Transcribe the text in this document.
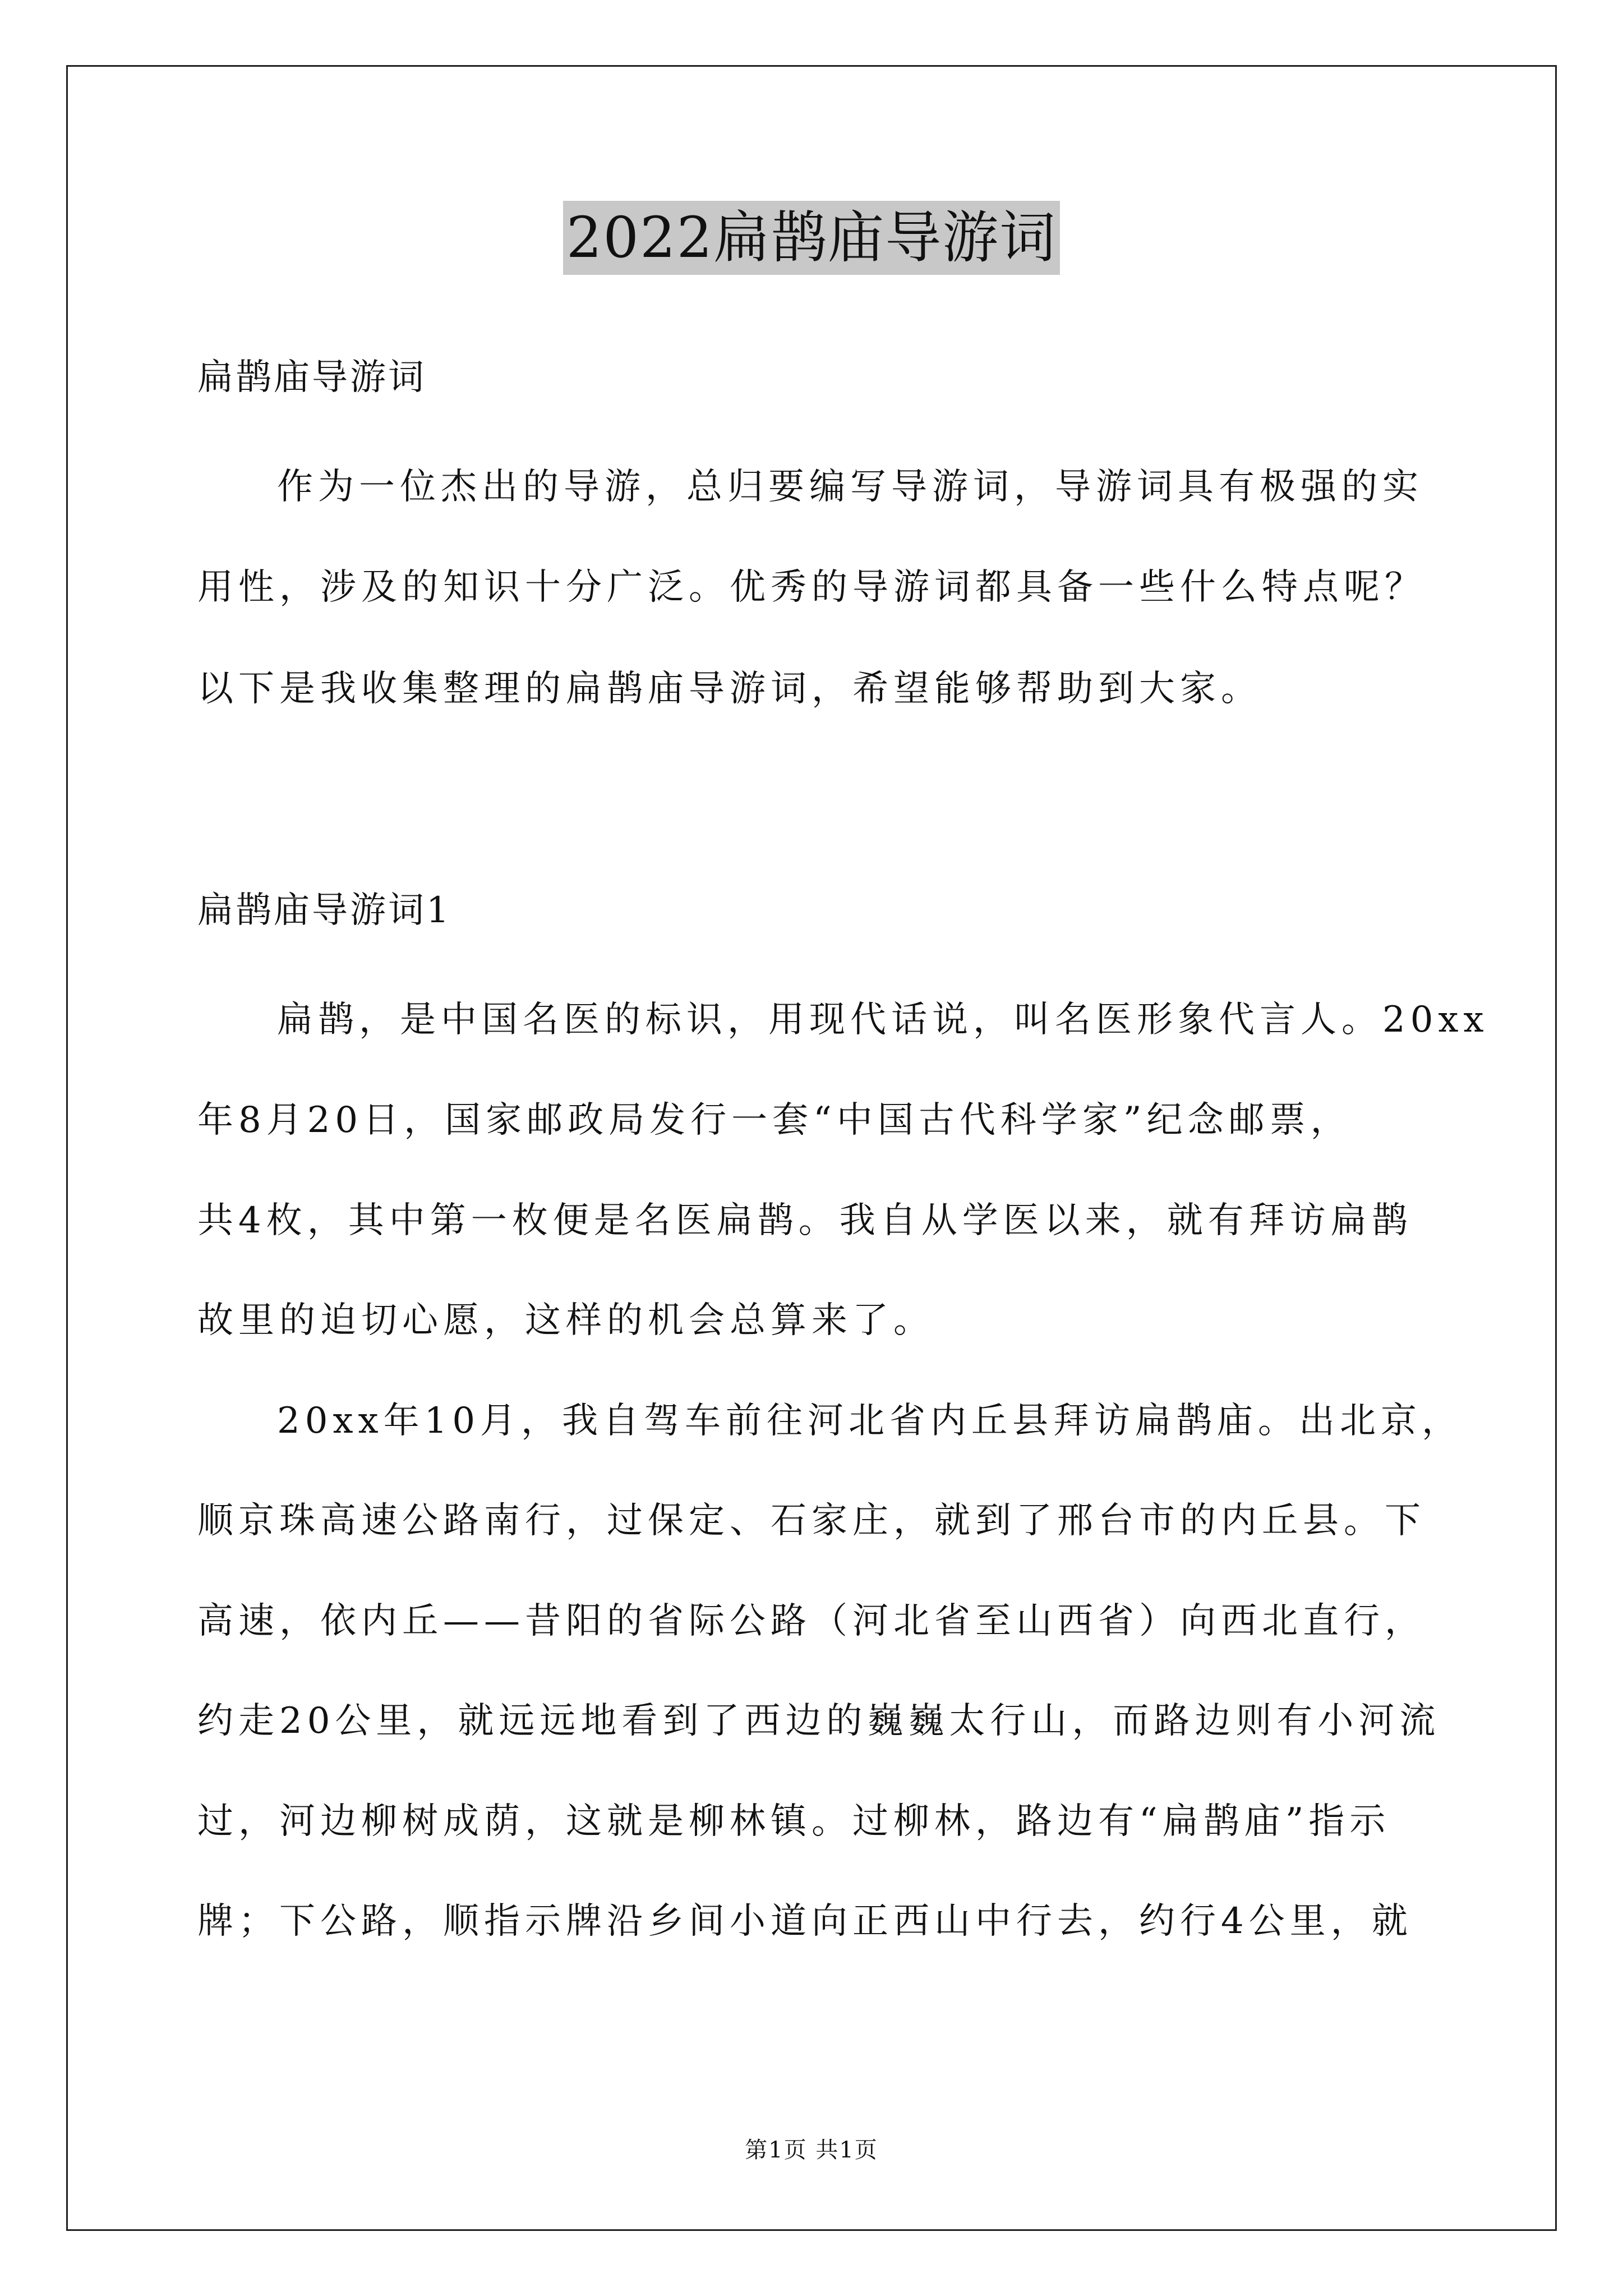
2022扁鹊庙导游词
扁鹊庙导游词
作为一位杰出的导游，总归要编写导游词，导游词具有极强的实
用性，涉及的知识十分广泛。优秀的导游词都具备一些什么特点呢？
以下是我收集整理的扁鹊庙导游词，希望能够帮助到大家。
扁鹊庙导游词1
扁鹊，是中国名医的标识，用现代话说，叫名医形象代言人。20xx
年8月20日，国家邮政局发行一套“中国古代科学家”纪念邮票，
共4枚，其中第一枚便是名医扁鹊。我自从学医以来，就有拜访扁鹊
故里的迫切心愿，这样的机会总算来了。
20xx年10月，我自驾车前往河北省内丘县拜访扁鹊庙。出北京，
顺京珠高速公路南行，过保定、石家庄，就到了邢台市的内丘县。下
高速，依内丘——昔阳的省际公路（河北省至山西省）向西北直行，
约走20公里，就远远地看到了西边的巍巍太行山，而路边则有小河流
过，河边柳树成荫，这就是柳林镇。过柳林，路边有“扁鹊庙”指示
牌；下公路，顺指示牌沿乡间小道向正西山中行去，约行4公里，就
第1页 共1页
